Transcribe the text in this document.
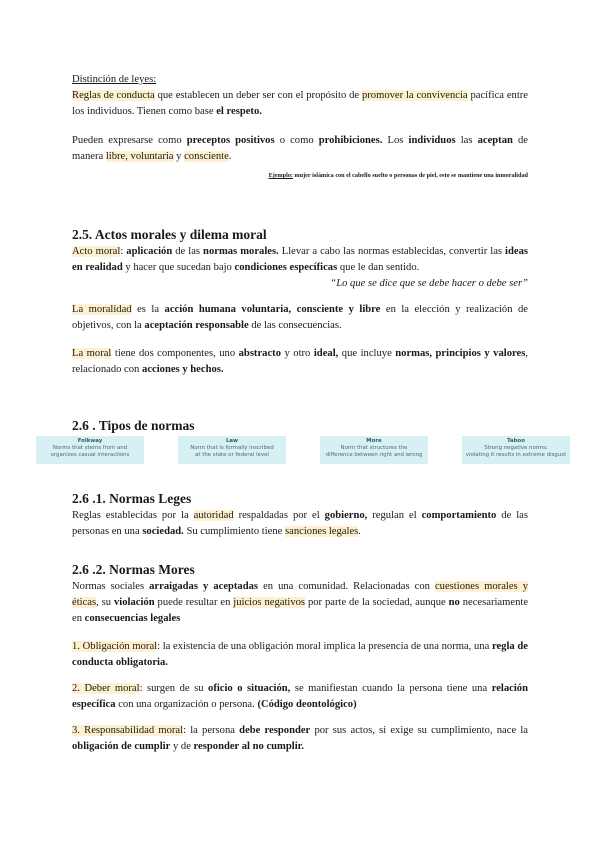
Distinción de leyes:

Reglas de conducta que establecen un deber ser con el propósito de promover la convivencia pacífica entre los individuos. Tienen como base el respeto.

Pueden expresarse como preceptos positivos o como prohibiciones. Los individuos las aceptan de manera libre, voluntaria y consciente.

Ejemplo: mujer islámica con el cabello suelto o personas de piel, esto se mantiene una inmoralidad

2.5. Actos morales y dilema moral

Acto moral: aplicación de las normas morales. Llevar a cabo las normas establecidas, convertir las ideas en realidad y hacer que sucedan bajo condiciones específicas que le dan sentido.

“Lo que se dice que se debe hacer o debe ser”

La moralidad es la acción humana voluntaria, consciente y libre en la elección y realización de objetivos, con la aceptación responsable de las consecuencias.

La moral tiene dos componentes, uno abstracto y otro ideal, que incluye normas, principios y valores, relacionado con acciones y hechos.

2.6 . Tipos de normas
Folkway
Norms that stems from and
organizes casual interactions
Law
Norm that is formally inscribed
at the state or federal level
More
Norm that structures the
difference between right and wrong
Taboo
Strong negative norms;
violating it results in extreme disgust
2.6 .1. Normas Leges

Reglas establecidas por la autoridad respaldadas por el gobierno, regulan el comportamiento de las personas en una sociedad. Su cumplimiento tiene sanciones legales.

2.6 .2. Normas Mores

Normas sociales arraigadas y aceptadas en una comunidad. Relacionadas con cuestiones morales y éticas, su violación puede resultar en juicios negativos por parte de la sociedad, aunque no necesariamente en consecuencias legales

1. Obligación moral: la existencia de una obligación moral implica la presencia de una norma, una regla de conducta obligatoria.

2. Deber moral: surgen de su oficio o situación, se manifiestan cuando la persona tiene una relación específica con una organización o persona. (Código deontológico)

3. Responsabilidad moral: la persona debe responder por sus actos, si exige su cumplimiento, nace la obligación de cumplir y de responder al no cumplir.
